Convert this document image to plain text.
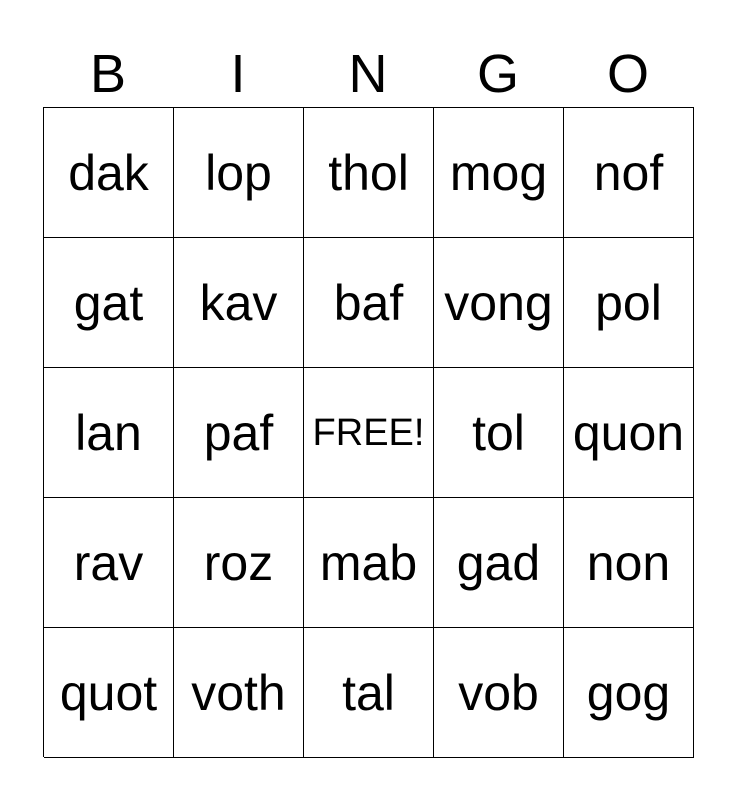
B	I	N	G	O
dak	lop	thol mog nof
gat	kav	baf vong pol
lan	paf	FREE! tol quon
rav	roz mab gad non
quot voth	tal	vob gog
